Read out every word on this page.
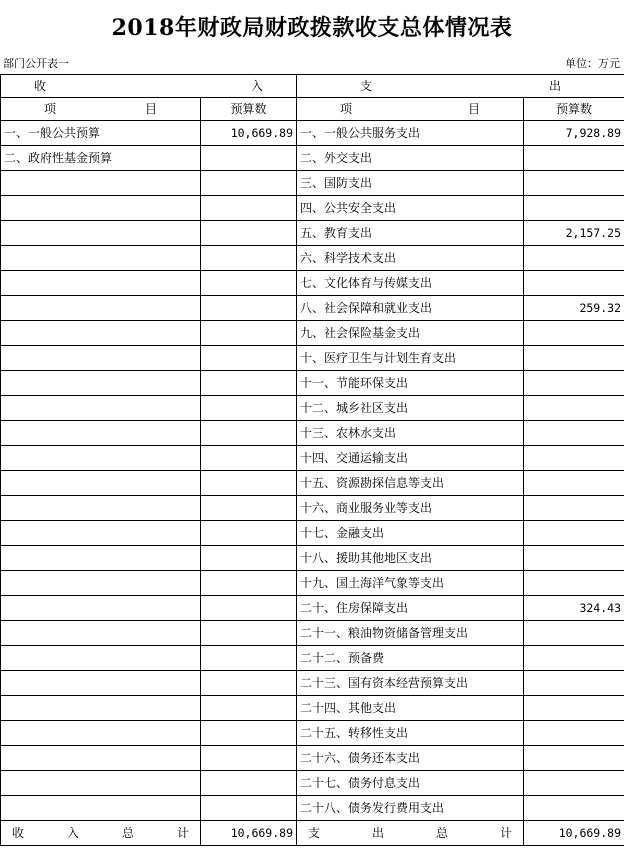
2018年财政局财政拨款收支总体情况表
部门公开表一	单位：万元
收 入		支 出	

项 目	预算数	项 目	预算数
一、一般公共预算	10,669.89	一、一般公共服务支出	7,928.89
二、政府性基金预算		二、外交支出	
		三、国防支出	
		四、公共安全支出	
		五、教育支出	2,157.25
		六、科学技术支出	
		七、文化体育与传媒支出	
		八、社会保障和就业支出	259.32
		九、社会保险基金支出	
		十、医疗卫生与计划生育支出	
		十一、节能环保支出	
		十二、城乡社区支出	
		十三、农林水支出	
		十四、交通运输支出	
		十五、资源勘探信息等支出	
		十六、商业服务业等支出	
		十七、金融支出	
		十八、援助其他地区支出	
		十九、国土海洋气象等支出	
		二十、住房保障支出	324.43
		二十一、粮油物资储备管理支出	
		二十二、预备费	
		二十三、国有资本经营预算支出	
		二十四、其他支出	
		二十五、转移性支出	
		二十六、债务还本支出	
		二十七、债务付息支出	
		二十八、债务发行费用支出	

收 入 总 计	10,669.89	支 出 总 计	10,669.89
